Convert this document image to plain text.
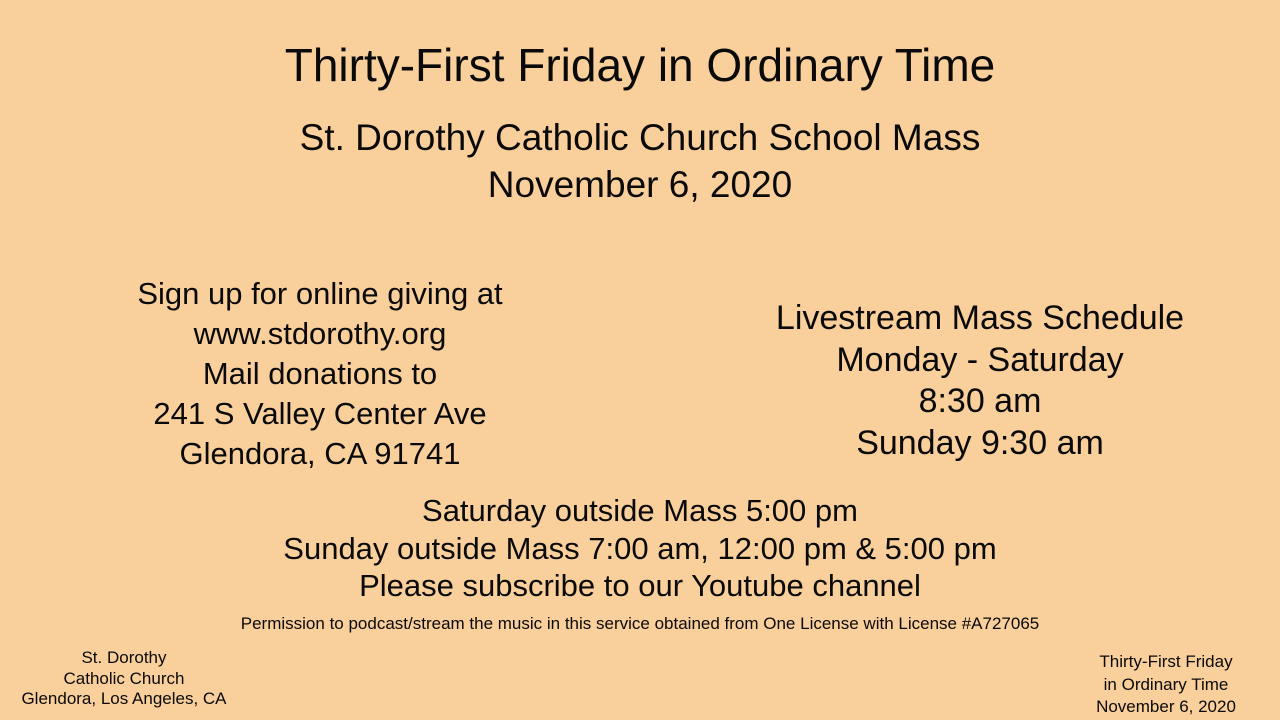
Thirty-First Friday in Ordinary Time
St. Dorothy Catholic Church School Mass
November 6, 2020
Sign up for online giving at
www.stdorothy.org
Mail donations to
241 S Valley Center Ave
Glendora, CA 91741
Livestream Mass Schedule
Monday - Saturday
8:30 am
Sunday 9:30 am
Saturday outside Mass 5:00 pm
Sunday outside Mass 7:00 am, 12:00 pm & 5:00 pm
Please subscribe to our Youtube channel
Permission to podcast/stream the music in this service obtained from One License with License #A727065
St. Dorothy
Catholic Church
Glendora, Los Angeles, CA
Thirty-First Friday
in Ordinary Time
November 6, 2020
